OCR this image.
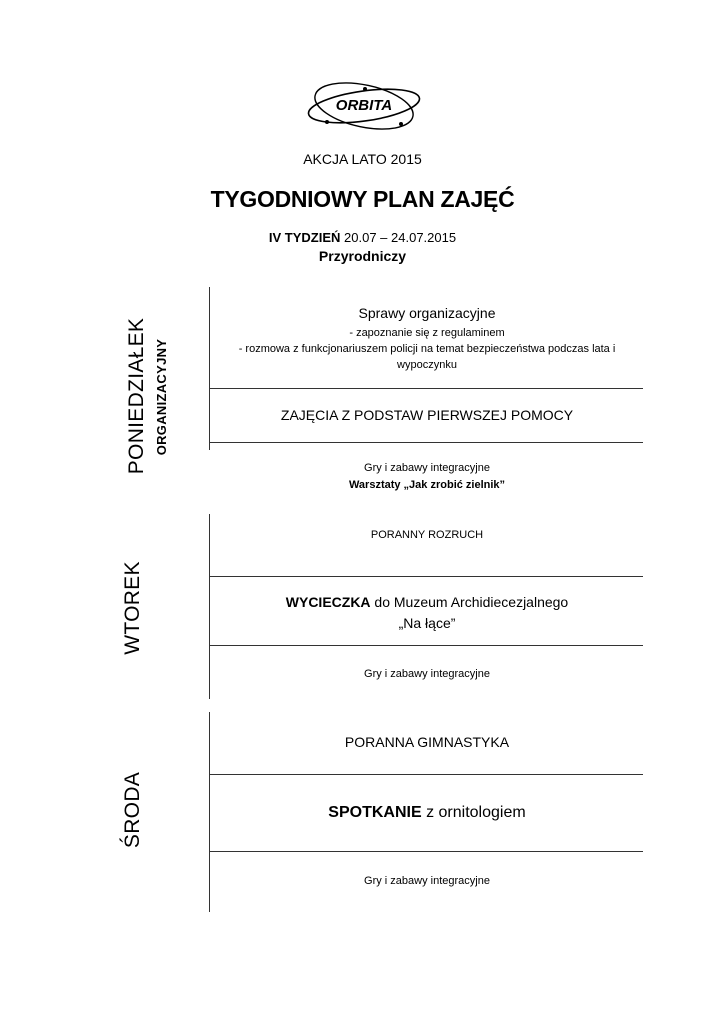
ORBITA
AKCJA LATO 2015
TYGODNIOWY PLAN ZAJĘĆ
IV TYDZIEŃ 20.07 – 24.07.2015
Przyrodniczy
PONIEDZIAŁEK ORGANIZACYJNY
WTOREK
ŚRODA
Sprawy organizacyjne
- zapoznanie się z regulaminem
- rozmowa z funkcjonariuszem policji na temat bezpieczeństwa podczas lata i
wypoczynku
ZAJĘCIA Z PODSTAW PIERWSZEJ POMOCY
Gry i zabawy integracyjne
Warsztaty „Jak zrobić zielnik”
PORANNY ROZRUCH
WYCIECZKA do Muzeum Archidiecezjalnego
„Na łące”
Gry i zabawy integracyjne
PORANNA GIMNASTYKA
SPOTKANIE z ornitologiem
Gry i zabawy integracyjne
